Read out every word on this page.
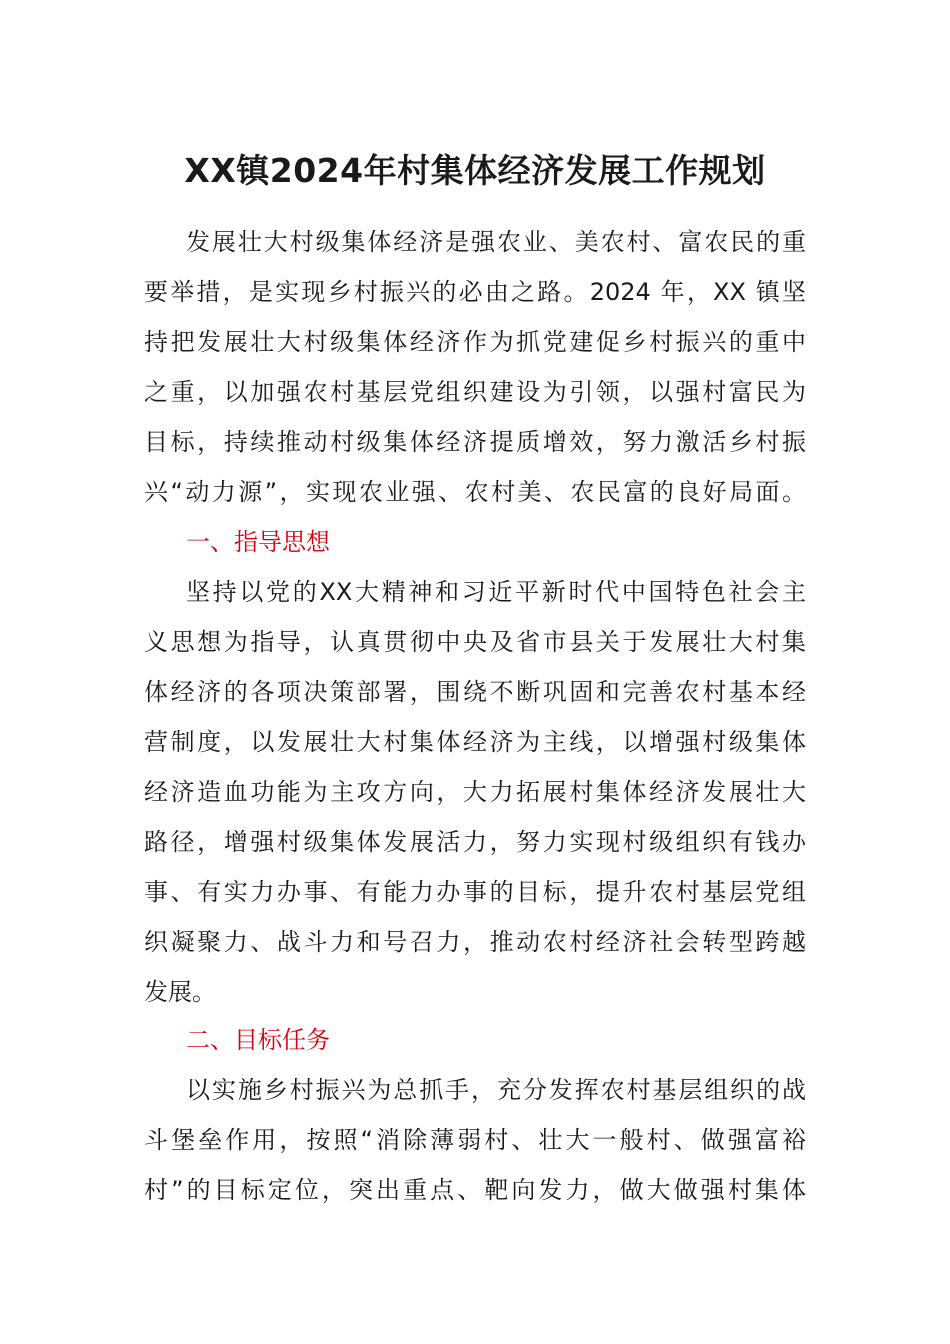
XX镇2024年村集体经济发展工作规划
发展壮大村级集体经济是强农业、美农村、富农民的重
要举措，是实现乡村振兴的必由之路。2024 年，XX 镇坚
持把发展壮大村级集体经济作为抓党建促乡村振兴的重中
之重，以加强农村基层党组织建设为引领，以强村富民为
目标，持续推动村级集体经济提质增效，努力激活乡村振
兴“动力源”，实现农业强、农村美、农民富的良好局面。
一、指导思想
坚持以党的XX大精神和习近平新时代中国特色社会主
义思想为指导，认真贯彻中央及省市县关于发展壮大村集
体经济的各项决策部署，围绕不断巩固和完善农村基本经
营制度，以发展壮大村集体经济为主线，以增强村级集体
经济造血功能为主攻方向，大力拓展村集体经济发展壮大
路径，增强村级集体发展活力，努力实现村级组织有钱办
事、有实力办事、有能力办事的目标，提升农村基层党组
织凝聚力、战斗力和号召力，推动农村经济社会转型跨越
发展。
二、目标任务
以实施乡村振兴为总抓手，充分发挥农村基层组织的战
斗堡垒作用，按照“消除薄弱村、壮大一般村、做强富裕
村”的目标定位，突出重点、靶向发力，做大做强村集体
